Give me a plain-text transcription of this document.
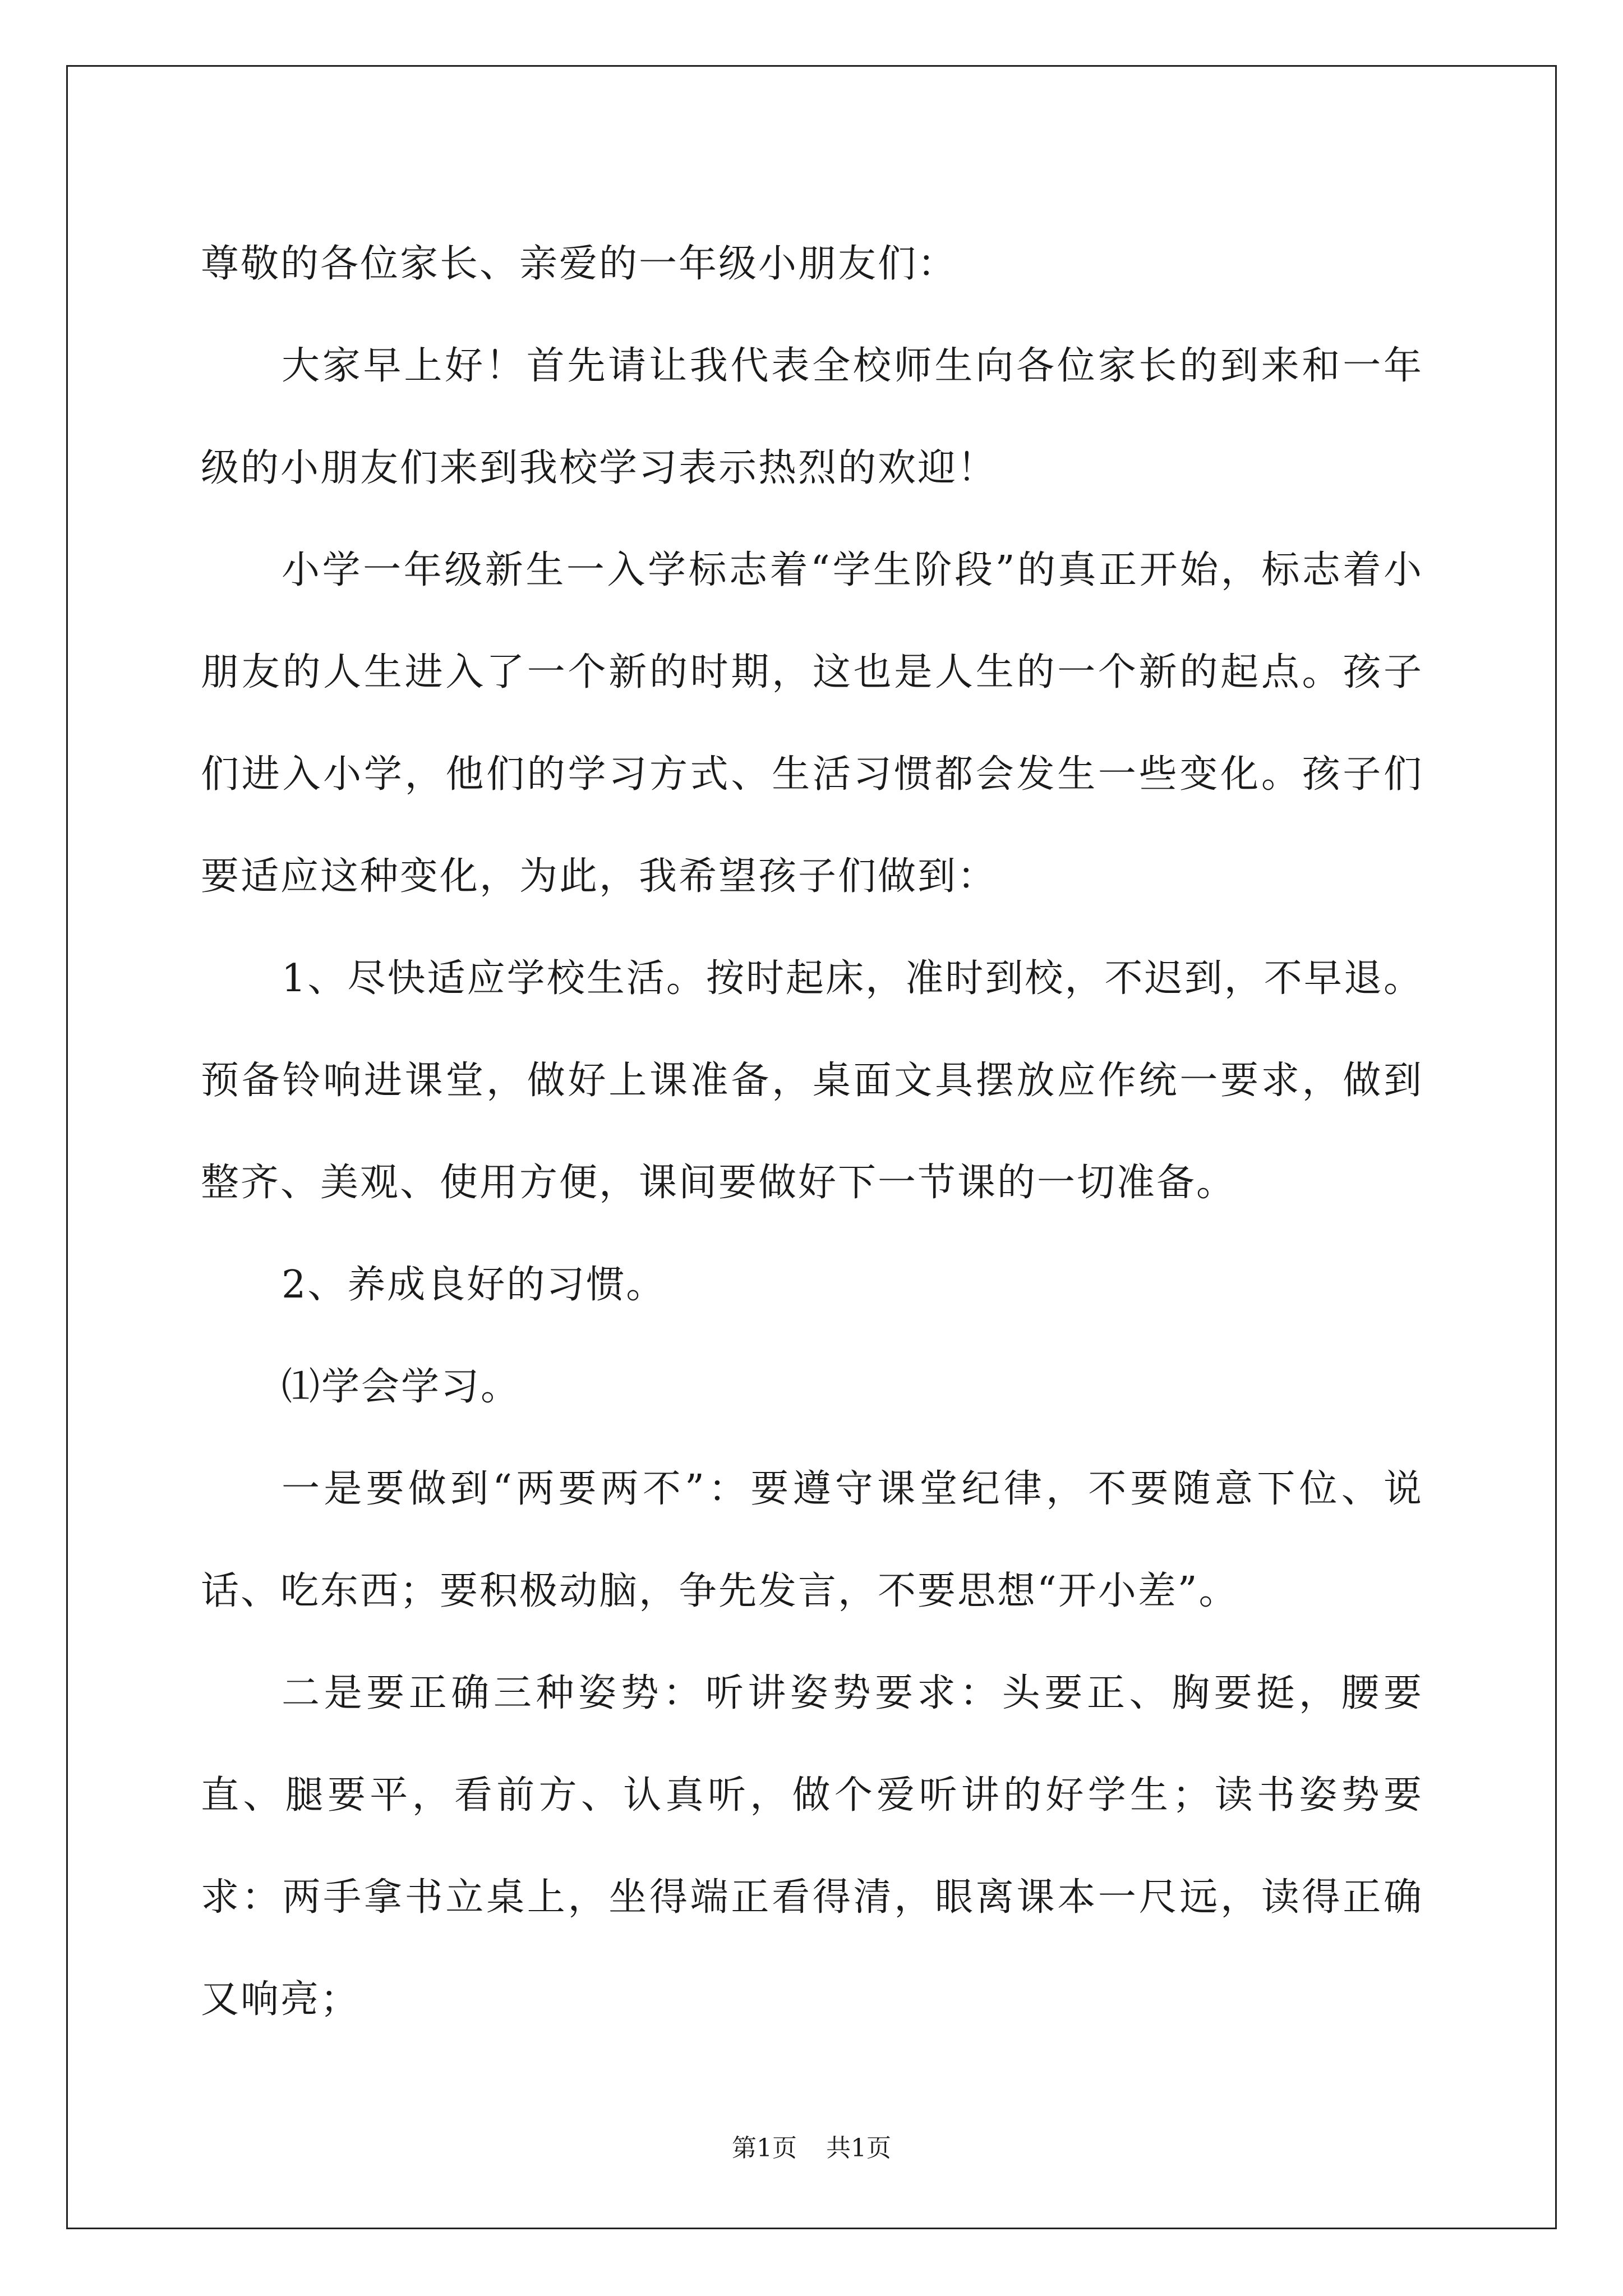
尊敬的各位家长、亲爱的一年级小朋友们：

大家早上好！首先请让我代表全校师生向各位家长的到来和一年级的小朋友们来到我校学习表示热烈的欢迎！

小学一年级新生一入学标志着“学生阶段”的真正开始，标志着小朋友的人生进入了一个新的时期，这也是人生的一个新的起点。孩子们进入小学，他们的学习方式、生活习惯都会发生一些变化。孩子们要适应这种变化，为此，我希望孩子们做到：

1、尽快适应学校生活。按时起床，准时到校，不迟到，不早退。预备铃响进课堂，做好上课准备，桌面文具摆放应作统一要求，做到整齐、美观、使用方便，课间要做好下一节课的一切准备。

2、养成良好的习惯。

⑴学会学习。

一是要做到“两要两不”：要遵守课堂纪律，不要随意下位、说话、吃东西；要积极动脑，争先发言，不要思想“开小差”。

二是要正确三种姿势：听讲姿势要求：头要正、胸要挺，腰要直、腿要平，看前方、认真听，做个爱听讲的好学生；读书姿势要求：两手拿书立桌上，坐得端正看得清，眼离课本一尺远，读得正确又响亮；

第1页 共1页
